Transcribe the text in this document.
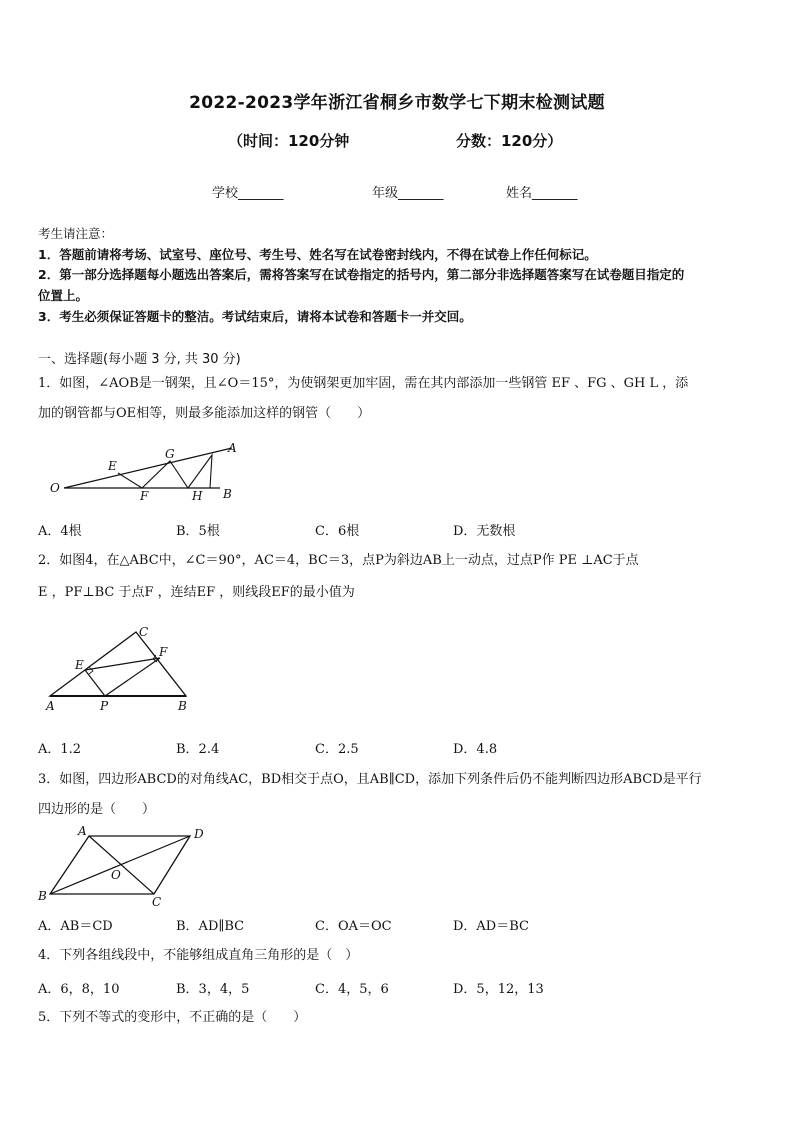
2022-2023学年浙江省桐乡市数学七下期末检测试题
（时间：120分钟	分数：120分）
学校_______	年级_______	姓名_______
考生请注意：
1．答题前请将考场、试室号、座位号、考生号、姓名写在试卷密封线内，不得在试卷上作任何标记。
2．第一部分选择题每小题选出答案后，需将答案写在试卷指定的括号内，第二部分非选择题答案写在试卷题目指定的
位置上。
3．考生必须保证答题卡的整洁。考试结束后，请将本试卷和答题卡一并交回。
一、选择题(每小题 3 分, 共 30 分)
1．如图，∠AOB是一钢架，且∠O＝15°，为使钢架更加牢固，需在其内部添加一些钢管 EF 、FG 、GH L ，添
加的钢管都与OE相等，则最多能添加这样的钢管（　　）
O
E
F
G
H
A
B
A．4根	B．5根	C．6根	D．无数根
2．如图4，在△ABC中，∠C＝90°，AC＝4，BC＝3，点P为斜边AB上一动点，过点P作 PE ⊥AC于点
E ，PF⊥BC 于点F ，连结EF ，则线段EF的最小值为
C
E
F
A	P	B
A．1.2	B．2.4	C．2.5	D．4.8
3．如图，四边形ABCD的对角线AC，BD相交于点O，且AB∥CD，添加下列条件后仍不能判断四边形ABCD是平行
四边形的是（　　）
A	D
O
B	C
A．AB＝CD	B．AD∥BC	C．OA＝OC	D．AD＝BC
4．下列各组线段中，不能够组成直角三角形的是（　）
A．6，8，10	B．3，4，5	C．4，5，6	D．5，12，13
5．下列不等式的变形中，不正确的是（　　）
